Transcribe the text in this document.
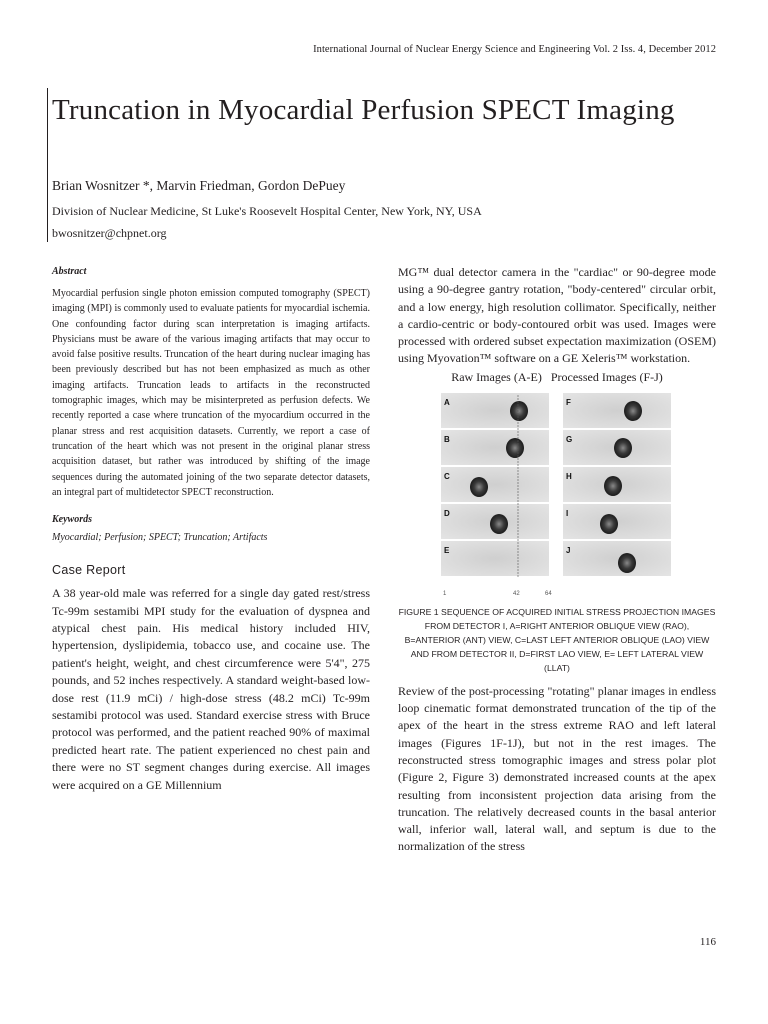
International Journal of Nuclear Energy Science and Engineering Vol. 2 Iss. 4, December 2012
Truncation in Myocardial Perfusion SPECT Imaging
Brian Wosnitzer *, Marvin Friedman, Gordon DePuey
Division of Nuclear Medicine, St Luke's Roosevelt Hospital Center, New York, NY, USA
bwosnitzer@chpnet.org

Abstract

Myocardial perfusion single photon emission computed tomography (SPECT) imaging (MPI) is commonly used to evaluate patients for myocardial ischemia. One confounding factor during scan interpretation is imaging artifacts. Physicians must be aware of the various imaging artifacts that may occur to avoid false positive results. Truncation of the heart during nuclear imaging has been previously described but has not been emphasized as much as other imaging artifacts. Truncation leads to artifacts in the reconstructed tomographic images, which may be misinterpreted as perfusion defects. We recently reported a case where truncation of the myocardium occurred in the planar stress and rest acquisition datasets. Currently, we report a case of truncation of the heart which was not present in the original planar stress acquisition dataset, but rather was introduced by shifting of the image sequences during the automated joining of the two separate detector datasets, an integral part of multidetector SPECT reconstruction.

Keywords

Myocardial; Perfusion; SPECT; Truncation; Artifacts

Case Report

A 38 year-old male was referred for a single day gated rest/stress Tc-99m sestamibi MPI study for the evaluation of dyspnea and atypical chest pain. His medical history included HIV, hypertension, dyslipidemia, tobacco use, and cocaine use. The patient's height, weight, and chest circumference were 5'4", 275 pounds, and 52 inches respectively. A standard weight-based low-dose rest (11.9 mCi) / high-dose stress (48.2 mCi) Tc-99m sestamibi protocol was used. Standard exercise stress with Bruce protocol was performed, and the patient reached 90% of maximal predicted heart rate. The patient experienced no chest pain and there were no ST segment changes during exercise. All images were acquired on a GE Millennium

MG™ dual detector camera in the "cardiac" or 90-degree mode using a 90-degree gantry rotation, "body-centered" circular orbit, and a low energy, high resolution collimator. Specifically, neither a cardio-centric or body-contoured orbit was used. Images were processed with ordered subset expectation maximization (OSEM) using Myovation™ software on a GE Xeleris™ workstation.

Raw Images (A-E) Processed Images (F-J)

A	F
B	G
C	H
D	I
E	J
1	42	64

FIGURE 1 SEQUENCE OF ACQUIRED INITIAL STRESS PROJECTION IMAGES FROM DETECTOR I, A=RIGHT ANTERIOR OBLIQUE VIEW (RAO), B=ANTERIOR (ANT) VIEW, C=LAST LEFT ANTERIOR OBLIQUE (LAO) VIEW AND FROM DETECTOR II, D=FIRST LAO VIEW, E= LEFT LATERAL VIEW (LLAT)

Review of the post-processing "rotating" planar images in endless loop cinematic format demonstrated truncation of the tip of the apex of the heart in the stress extreme RAO and left lateral images (Figures 1F-1J), but not in the rest images. The reconstructed stress tomographic images and stress polar plot (Figure 2, Figure 3) demonstrated increased counts at the apex resulting from inconsistent projection data arising from the truncation. The relatively decreased counts in the basal anterior wall, inferior wall, lateral wall, and septum is due to the normalization of the stress

116
